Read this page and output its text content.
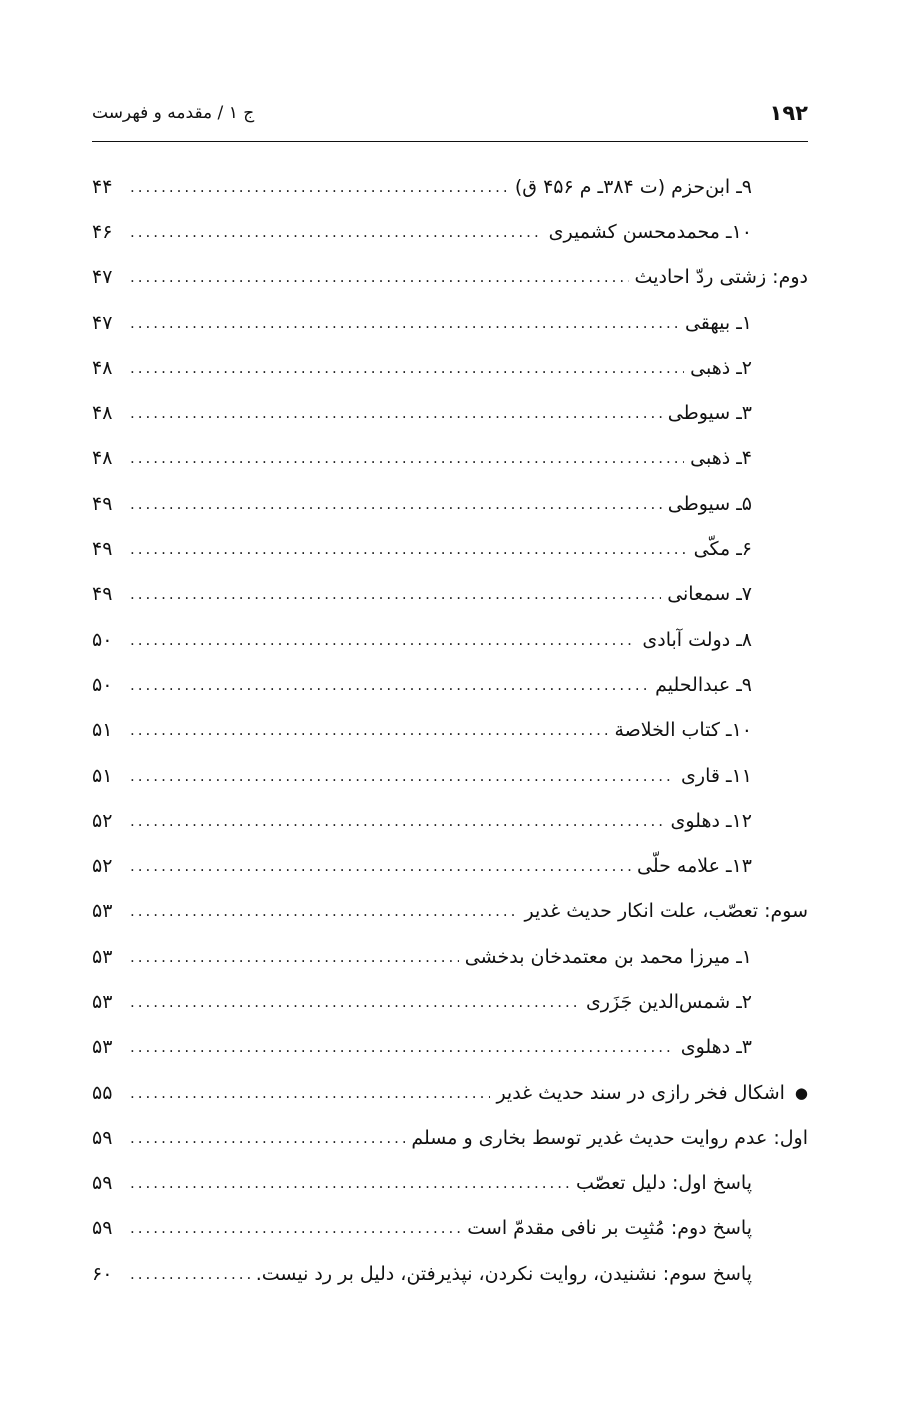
۱۹۲
ج ۱ / مقدمه و فهرست
۹ـ ابن‌حزم (ت ۳۸۴ـ م ۴۵۶ ق)
.....
۴۴
۱۰ـ محمدمحسن کشمیری
.....
۴۶
دوم: زشتی ردّ احادیث
.....
۴۷
۱ـ بیهقی
.....
۴۷
۲ـ ذهبی
.....
۴۸
۳ـ سیوطی
.....
۴۸
۴ـ ذهبی
.....
۴۸
۵ـ سیوطی
.....
۴۹
۶ـ مکّی
.....
۴۹
۷ـ سمعانی
.....
۴۹
۸ـ دولت آبادی
.....
۵۰
۹ـ عبدالحلیم
.....
۵۰
۱۰ـ کتاب الخلاصة
.....
۵۱
۱۱ـ قاری
.....
۵۱
۱۲ـ دهلوی
.....
۵۲
۱۳ـ علامه حلّی
.....
۵۲
سوم: تعصّب، علت انکار حدیث غدیر
.....
۵۳
۱ـ میرزا محمد بن معتمدخان بدخشی
.....
۵۳
۲ـ شمس‌الدین جَزَری
.....
۵۳
۳ـ دهلوی
.....
۵۳
●
اشکال فخر رازی در سند حدیث غدیر
.....
۵۵
اول: عدم روایت حدیث غدیر توسط بخاری و مسلم
.....
۵۹
پاسخ اول: دلیل تعصّب
.....
۵۹
پاسخ دوم: مُثبِت بر نافی مقدمّ است
.....
۵۹
پاسخ سوم: نشنیدن، روایت نکردن، نپذیرفتن، دلیل بر رد نیست.
.....
۶۰
